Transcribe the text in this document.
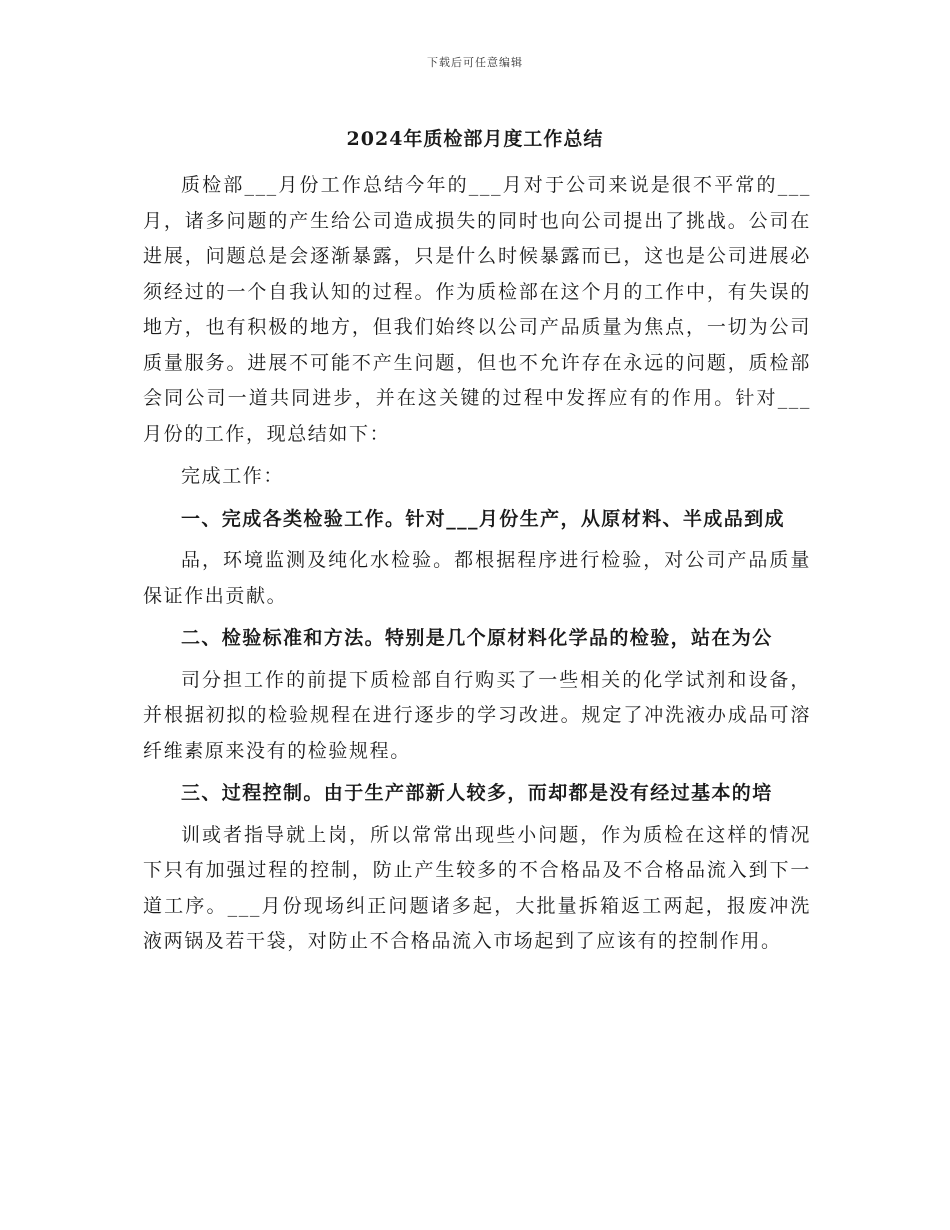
下载后可任意编辑
2024年质检部月度工作总结

质检部___月份工作总结今年的___月对于公司来说是很不平常的___月，诸多问题的产生给公司造成损失的同时也向公司提出了挑战。公司在进展，问题总是会逐渐暴露，只是什么时候暴露而已，这也是公司进展必须经过的一个自我认知的过程。作为质检部在这个月的工作中，有失误的地方，也有积极的地方，但我们始终以公司产品质量为焦点，一切为公司质量服务。进展不可能不产生问题，但也不允许存在永远的问题，质检部会同公司一道共同进步，并在这关键的过程中发挥应有的作用。针对___月份的工作，现总结如下：

完成工作：

一、完成各类检验工作。针对___月份生产，从原材料、半成品到成

品，环境监测及纯化水检验。都根据程序进行检验，对公司产品质量保证作出贡献。

二、检验标准和方法。特别是几个原材料化学品的检验，站在为公

司分担工作的前提下质检部自行购买了一些相关的化学试剂和设备，并根据初拟的检验规程在进行逐步的学习改进。规定了冲洗液办成品可溶纤维素原来没有的检验规程。

三、过程控制。由于生产部新人较多，而却都是没有经过基本的培

训或者指导就上岗，所以常常出现些小问题，作为质检在这样的情况下只有加强过程的控制，防止产生较多的不合格品及不合格品流入到下一道工序。___月份现场纠正问题诸多起，大批量拆箱返工两起，报废冲洗液两锅及若干袋，对防止不合格品流入市场起到了应该有的控制作用。
